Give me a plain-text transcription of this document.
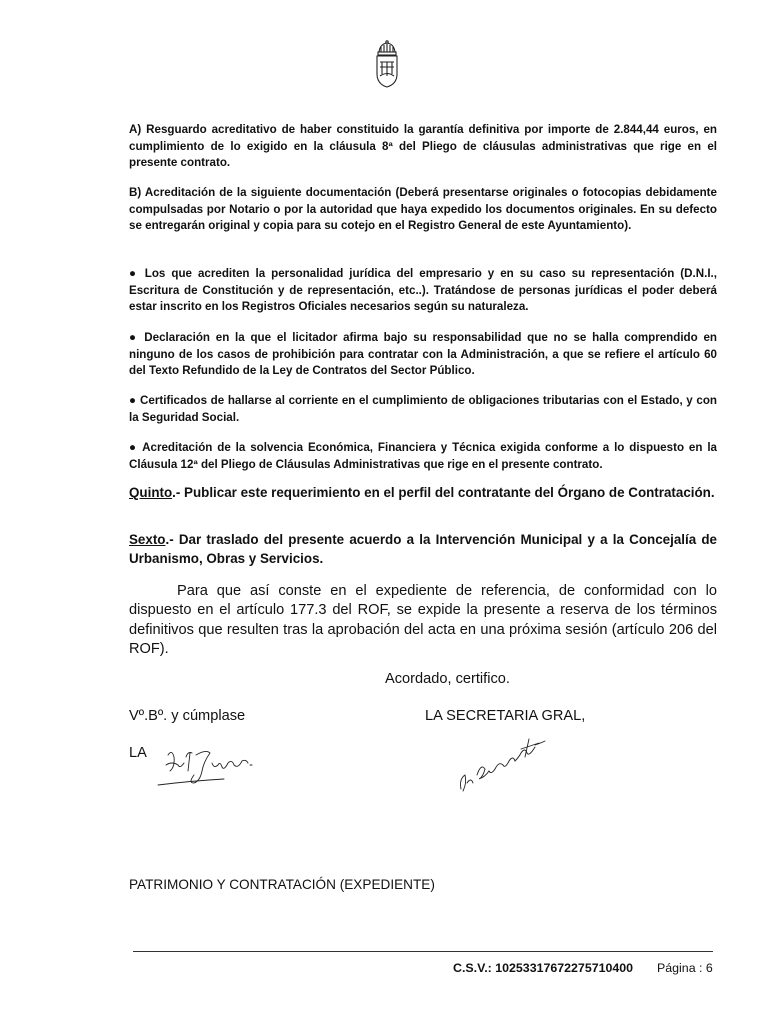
A) Resguardo acreditativo de haber constituido la garantía definitiva por importe de 2.844,44 euros, en cumplimiento de lo exigido en la cláusula 8ª del Pliego de cláusulas administrativas que rige en el presente contrato.

B) Acreditación de la siguiente documentación (Deberá presentarse originales o fotocopias debidamente compulsadas por Notario o por la autoridad que haya expedido los documentos originales. En su defecto se entregarán original y copia para su cotejo en el Registro General de este Ayuntamiento).

● Los que acrediten la personalidad jurídica del empresario y en su caso su representación (D.N.I., Escritura de Constitución y de representación, etc..). Tratándose de personas jurídicas el poder deberá estar inscrito en los Registros Oficiales necesarios según su naturaleza.

● Declaración en la que el licitador afirma bajo su responsabilidad que no se halla comprendido en ninguno de los casos de prohibición para contratar con la Administración, a que se refiere el artículo 60 del Texto Refundido de la Ley de Contratos del Sector Público.

● Certificados de hallarse al corriente en el cumplimiento de obligaciones tributarias con el Estado, y con la Seguridad Social.

● Acreditación de la solvencia Económica, Financiera y Técnica exigida conforme a lo dispuesto en la Cláusula 12ª del Pliego de Cláusulas Administrativas que rige en el presente contrato.

Quinto.- Publicar este requerimiento en el perfil del contratante del Órgano de Contratación.

Sexto.- Dar traslado del presente acuerdo a la Intervención Municipal y a la Concejalía de Urbanismo, Obras y Servicios.

Para que así conste en el expediente de referencia, de conformidad con lo dispuesto en el artículo 177.3 del ROF, se expide la presente a reserva de los términos definitivos que resulten tras la aprobación del acta en una próxima sesión (artículo 206 del ROF).

Acordado, certifico.
Vº.Bº. y cúmplase	LA SECRETARIA GRAL,
LA
PATRIMONIO Y CONTRATACIÓN (EXPEDIENTE)
C.S.V.: 10253317672275710400 Página : 6
